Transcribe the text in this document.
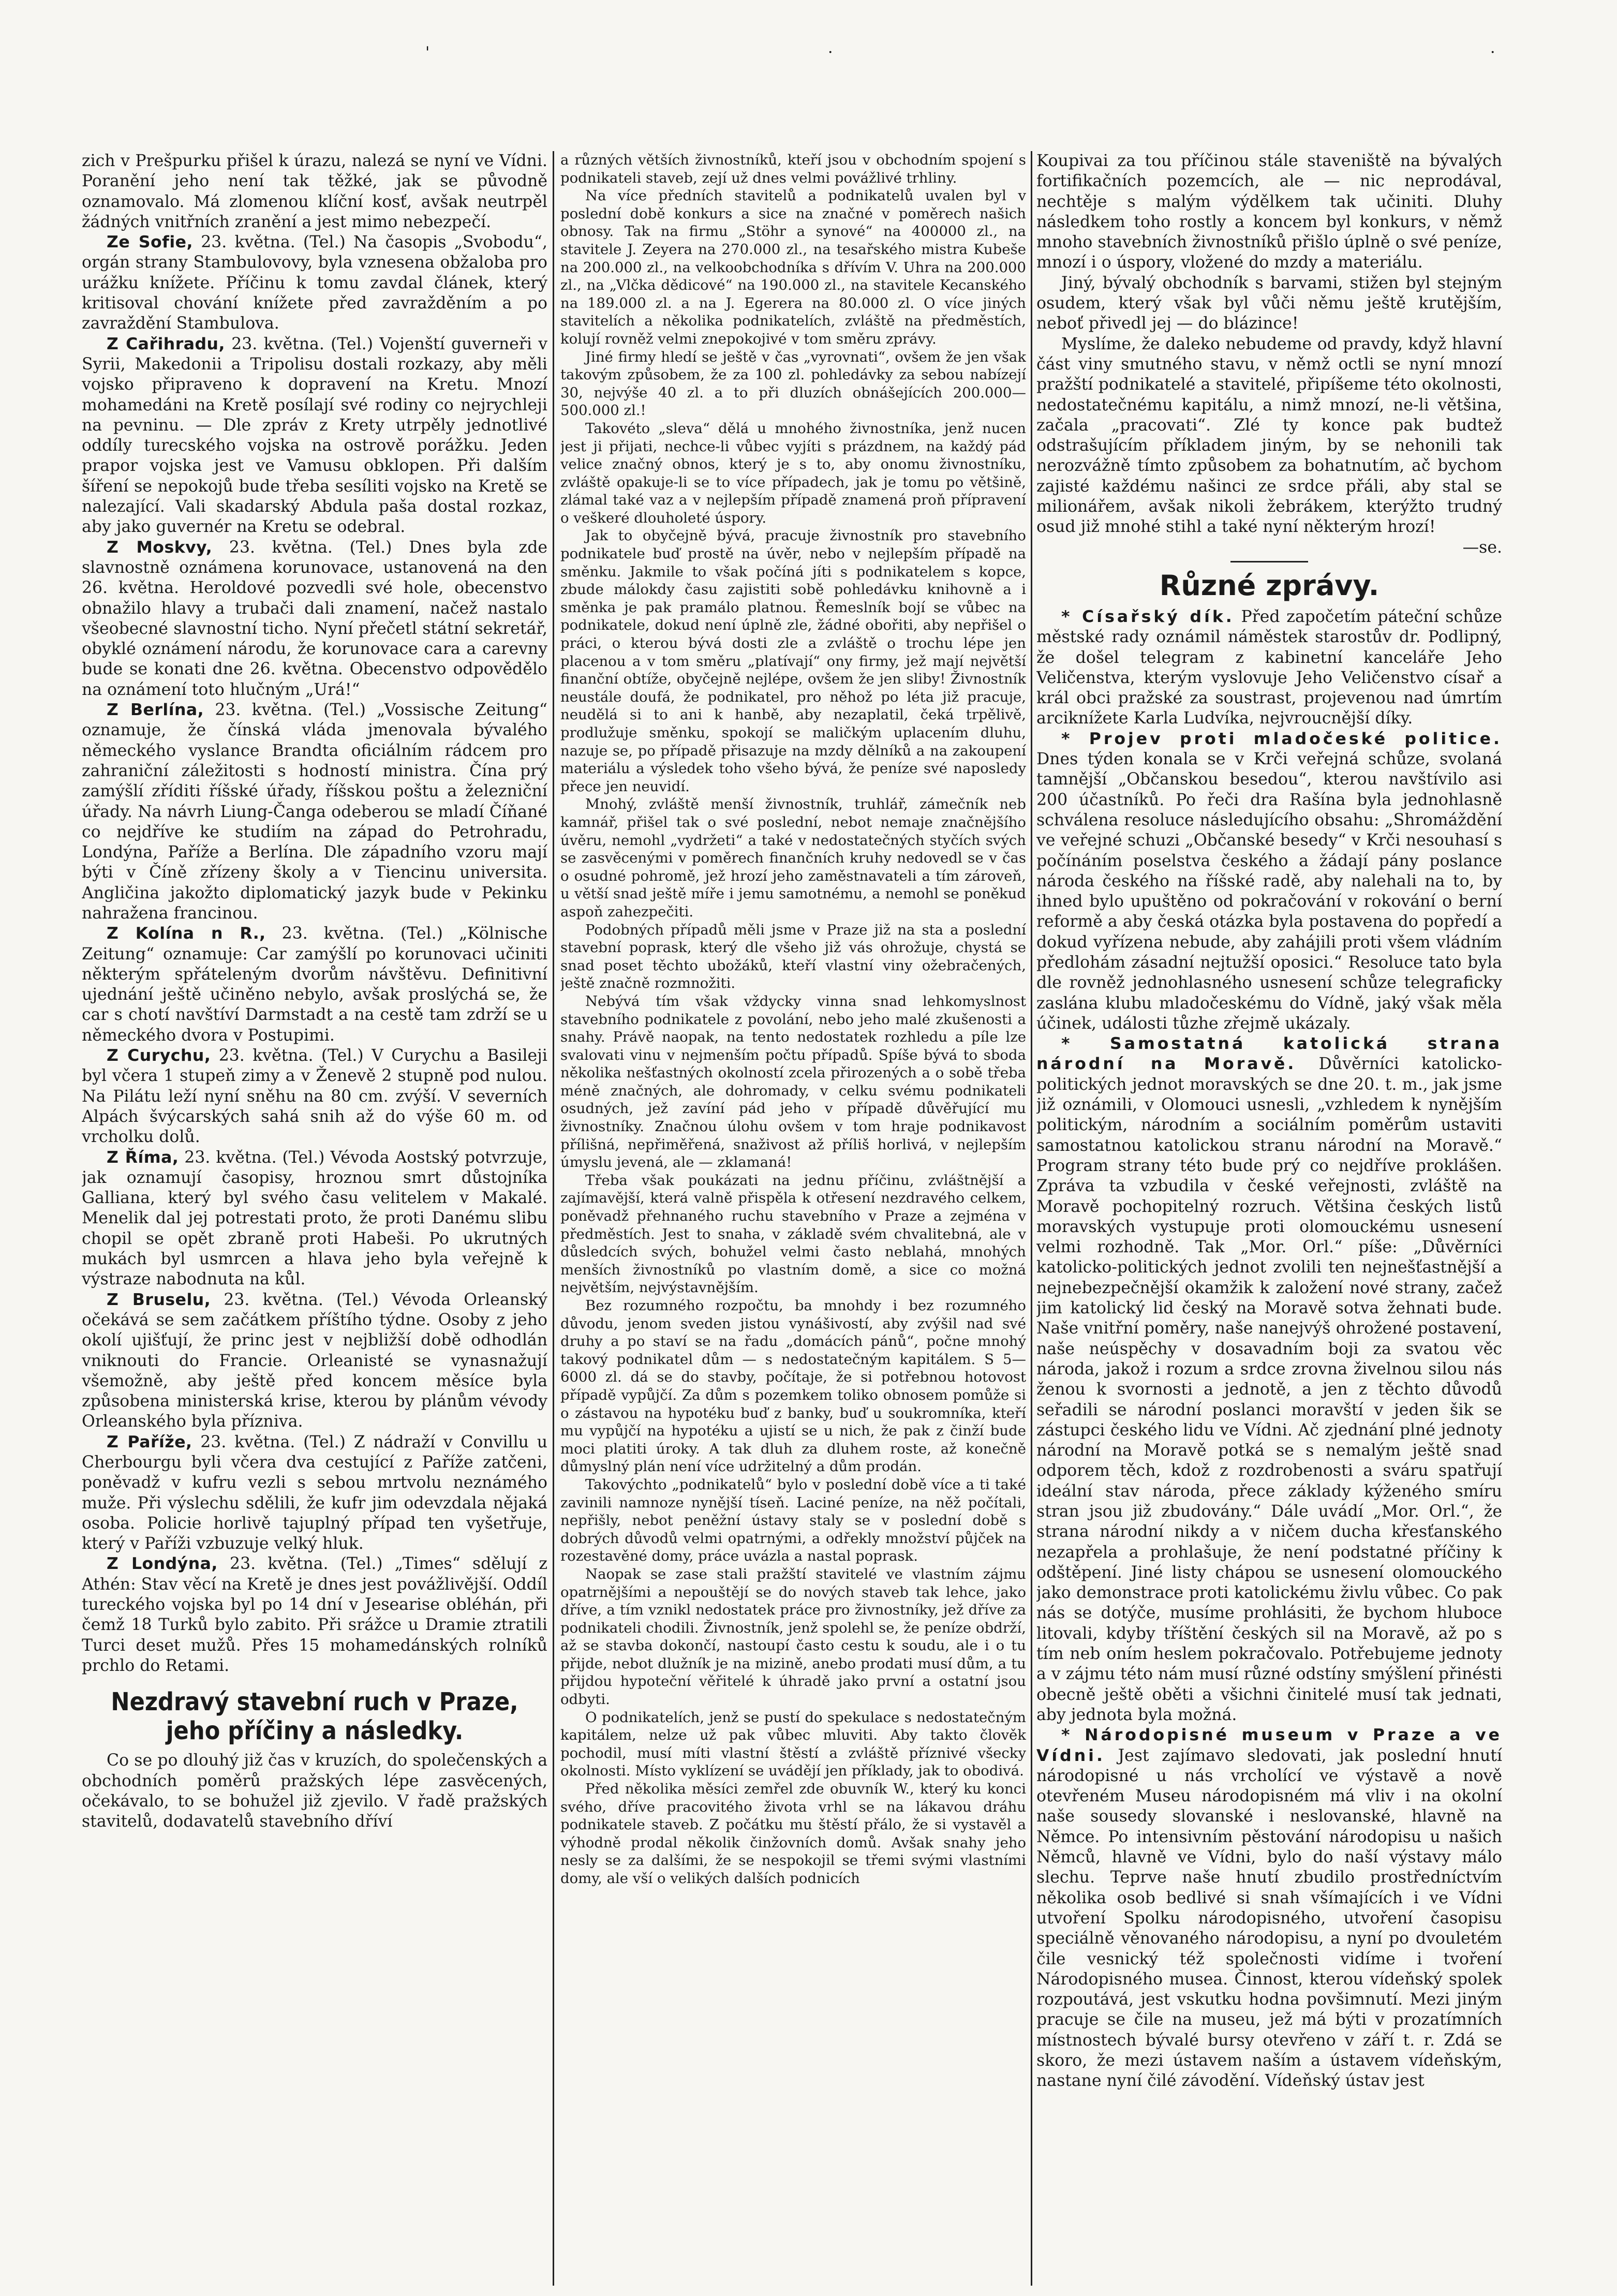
'	·	·

zich v Prešpurku přišel k úrazu, nalezá se nyní ve Vídni. Poranění jeho není tak těžké, jak se původně oznamovalo. Má zlomenou klíční kosť, avšak neutrpěl žádných vnitřních zranění a jest mimo nebezpečí.

Ze Sofie, 23. května. (Tel.) Na časopis „Svobodu“, orgán strany Stambulovovy, byla vznesena obžaloba pro urážku knížete. Příčinu k tomu zavdal článek, který kritisoval chování knížete před zavražděním a po zavraždění Stambulova.

Z Cařihradu, 23. května. (Tel.) Vojenští guverneři v Syrii, Makedonii a Tripolisu dostali rozkazy, aby měli vojsko připraveno k dopravení na Kretu. Mnozí mohamedáni na Kretě posílají své rodiny co nejrychleji na pevninu. — Dle zpráv z Krety utrpěly jednotlivé oddíly turecského vojska na ostrově porážku. Jeden prapor vojska jest ve Vamusu obklopen. Při dalším šíření se nepokojů bude třeba sesíliti vojsko na Kretě se nalezající. Vali skadarský Abdula paša dostal rozkaz, aby jako guvernér na Kretu se odebral.

Z Moskvy, 23. května. (Tel.) Dnes byla zde slavnostně oznámena korunovace, ustanovená na den 26. května. Heroldové pozvedli své hole, obecenstvo obnažilo hlavy a trubači dali znamení, načež nastalo všeobecné slavnostní ticho. Nyní přečetl státní sekretář, obyklé oznámení národu, že korunovace cara a carevny bude se konati dne 26. května. Obecenstvo odpovědělo na oznámení toto hlučným „Urá!“

Z Berlína, 23. května. (Tel.) „Vossische Zeitung“ oznamuje, že čínská vláda jmenovala bývalého německého vyslance Brandta oficiálním rádcem pro zahraniční záležitosti s hodností ministra. Čína prý zamýšlí zříditi říšské úřady, říšskou poštu a železniční úřady. Na návrh Liung-Čanga odeberou se mladí Číňané co nejdříve ke studiím na západ do Petrohradu, Londýna, Paříže a Berlína. Dle západního vzoru mají býti v Číně zřízeny školy a v Tiencinu universita. Angličina jakožto diplomatický jazyk bude v Pekinku nahražena francinou.

Z Kolína n R., 23. května. (Tel.) „Kölnische Zeitung“ oznamuje: Car zamýšlí po korunovaci učiniti některým spřáteleným dvorům návštěvu. Definitivní ujednání ještě učiněno nebylo, avšak proslýchá se, že car s chotí navštíví Darmstadt a na cestě tam zdrží se u německého dvora v Postupimi.

Z Curychu, 23. května. (Tel.) V Curychu a Basileji byl včera 1 stupeň zimy a v Ženevě 2 stupně pod nulou. Na Pilátu leží nyní sněhu na 80 cm. zvýší. V severních Alpách švýcarských sahá snih až do výše 60 m. od vrcholku dolů.

Z Říma, 23. května. (Tel.) Vévoda Aostský potvrzuje, jak oznamují časopisy, hroznou smrt důstojníka Galliana, který byl svého času velitelem v Makalé. Menelik dal jej potrestati proto, že proti Danému slibu chopil se opět zbraně proti Habeši. Po ukrutných mukách byl usmrcen a hlava jeho byla veřejně k výstraze nabodnuta na kůl.

Z Bruselu, 23. května. (Tel.) Vévoda Orleanský očekává se sem začátkem příštího týdne. Osoby z jeho okolí ujišťují, že princ jest v nejbližší době odhodlán vniknouti do Francie. Orleanisté se vynasnažují všemožně, aby ještě před koncem měsíce byla způsobena ministerská krise, kterou by plánům vévody Orleanského byla přízniva.

Z Paříže, 23. května. (Tel.) Z nádraží v Convillu u Cherbourgu byli včera dva cestující z Paříže zatčeni, poněvadž v kufru vezli s sebou mrtvolu neznámého muže. Při výslechu sdělili, že kufr jim odevzdala nějaká osoba. Policie horlivě tajuplný případ ten vyšetřuje, který v Paříži vzbuzuje velký hluk.

Z Londýna, 23. května. (Tel.) „Times“ sdělují z Athén: Stav věcí na Kretě je dnes jest povážlivější. Oddíl tureckého vojska byl po 14 dní v Jesearise obléhán, při čemž 18 Turků bylo zabito. Při srážce u Dramie ztratili Turci deset mužů. Přes 15 mohamedánských rolníků prchlo do Retami.

Nezdravý stavební ruch v Praze, jeho příčiny a následky.

Co se po dlouhý již čas v kruzích, do společenských a obchodních poměrů pražských lépe zasvěcených, očekávalo, to se bohužel již zjevilo. V řadě pražských stavitelů, dodavatelů stavebního dříví

a různých větších živnostníků, kteří jsou v obchodním spojení s podnikateli staveb, zejí už dnes velmi povážlivé trhliny.

Na více předních stavitelů a podnikatelů uvalen byl v poslední době konkurs a sice na značné v poměrech našich obnosy. Tak na firmu „Stöhr a synové“ na 400000 zl., na stavitele J. Zeyera na 270.000 zl., na tesařského mistra Kubeše na 200.000 zl., na velkoobchodníka s dřívím V. Uhra na 200.000 zl., na „Vlčka dědicové“ na 190.000 zl., na stavitele Kecanského na 189.000 zl. a na J. Egerera na 80.000 zl. O více jiných stavitelích a několika podnikatelích, zvláště na předměstích, kolují rovněž velmi znepokojivé v tom směru zprávy.

Jiné firmy hledí se ještě v čas „vyrovnati“, ovšem že jen však takovým způsobem, že za 100 zl. pohledávky za sebou nabízejí 30, nejvýše 40 zl. a to při dluzích obnášejících 200.000—500.000 zl.!

Takovéto „sleva“ dělá u mnohého živnostníka, jenž nucen jest ji přijati, nechce-li vůbec vyjíti s prázdnem, na každý pád velice značný obnos, který je s to, aby onomu živnostníku, zvláště opakuje-li se to více případech, jak je tomu po většině, zlámal také vaz a v nejlepším případě znamená proň přípravení o veškeré dlouholeté úspory.

Jak to obyčejně bývá, pracuje živnostník pro stavebního podnikatele buď prostě na úvěr, nebo v nejlepším případě na směnku. Jakmile to však počíná jíti s podnikatelem s kopce, zbude málokdy času zajistiti sobě pohledávku knihovně a i směnka je pak pramálo platnou. Řemeslník bojí se vůbec na podnikatele, dokud není úplně zle, žádné obořiti, aby nepřišel o práci, o kterou bývá dosti zle a zvláště o trochu lépe jen placenou a v tom směru „platívají“ ony firmy, jež mají největší finanční obtíže, obyčejně nejlépe, ovšem že jen sliby! Živnostník neustále doufá, že podnikatel, pro něhož po léta již pracuje, neudělá si to ani k hanbě, aby nezaplatil, čeká trpělivě, prodlužuje směnku, spokojí se maličkým uplacením dluhu, nazuje se, po případě přisazuje na mzdy dělníků a na zakoupení materiálu a výsledek toho všeho bývá, že peníze své naposledy přece jen neuvidí.

Mnohý, zvláště menší živnostník, truhlář, zámečník neb kamnář, přišel tak o své poslední, nebot nemaje značnějšího úvěru, nemohl „vydržeti“ a také v nedostatečných styčích svých se zasvěcenými v poměrech finančních kruhy nedovedl se v čas o osudné pohromě, jež hrozí jeho zaměstnavateli a tím zároveň, u větší snad ještě míře i jemu samotnému, a nemohl se poněkud aspoň zahezpečiti.

Podobných případů měli jsme v Praze již na sta a poslední stavební poprask, který dle všeho již vás ohrožuje, chystá se snad poset těchto ubožáků, kteří vlastní viny ožebračených, ještě značně rozmnožiti.

Nebývá tím však vždycky vinna snad lehkomyslnost stavebního podnikatele z povolání, nebo jeho malé zkušenosti a snahy. Právě naopak, na tento nedostatek rozhledu a píle lze svalovati vinu v nejmenším počtu případů. Spíše bývá to sboda několika nešťastných okolností zcela přirozených a o sobě třeba méně značných, ale dohromady, v celku svému podnikateli osudných, jež zavíní pád jeho v případě důvěřující mu živnostníky. Značnou úlohu ovšem v tom hraje podnikavost přílišná, nepřiměřená, snaživost až příliš horlivá, v nejlepším úmyslu jevená, ale — zklamaná!

Třeba však poukázati na jednu příčinu, zvláštnější a zajímavější, která valně přispěla k otřesení nezdravého celkem, poněvadž přehnaného ruchu stavebního v Praze a zejména v předměstích. Jest to snaha, v základě svém chvalitebná, ale v důsledcích svých, bohužel velmi často neblahá, mnohých menších živnostníků po vlastním domě, a sice co možná největším, nejvýstavnějším.

Bez rozumného rozpočtu, ba mnohdy i bez rozumného důvodu, jenom sveden jistou vynášivostí, aby zvýšil nad své druhy a po staví se na řadu „domácích pánů“, počne mnohý takový podnikatel dům — s nedostatečným kapitálem. S 5—6000 zl. dá se do stavby, počítaje, že si potřebnou hotovost případě vypůjčí. Za dům s pozemkem toliko obnosem pomůže si o zástavou na hypotéku buď z banky, buď u soukromníka, kteří mu vypůjčí na hypotéku a ujistí se u nich, že pak z činží bude moci platiti úroky. A tak dluh za dluhem roste, až konečně důmyslný plán není více udržitelný a dům prodán.

Takovýchto „podnikatelů“ bylo v poslední době více a ti také zavinili namnoze nynější tíseň. Laciné peníze, na něž počítali, nepřišly, nebot peněžní ústavy staly se v poslední době s dobrých důvodů velmi opatrnými, a odřekly množství půjček na rozestavěné domy, práce uvázla a nastal poprask.

Naopak se zase stali pražští stavitelé ve vlastním zájmu opatrnějšími a nepouštějí se do nových staveb tak lehce, jako dříve, a tím vznikl nedostatek práce pro živnostníky, jež dříve za podnikateli chodili. Živnostník, jenž spolehl se, že peníze obdrží, až se stavba dokončí, nastoupí často cestu k soudu, ale i o tu přijde, nebot dlužník je na mizině, anebo prodati musí dům, a tu přijdou hypoteční věřitelé k úhradě jako první a ostatní jsou odbyti.

O podnikatelích, jenž se pustí do spekulace s nedostatečným kapitálem, nelze už pak vůbec mluviti. Aby takto člověk pochodil, musí míti vlastní štěstí a zvláště příznivé všecky okolnosti. Místo vyklízení se uvádějí jen příklady, jak to obodivá.

Před několika měsíci zemřel zde obuvník W., který ku konci svého, dříve pracovitého života vrhl se na lákavou dráhu podnikatele staveb. Z počátku mu štěstí přálo, že si vystavěl a výhodně prodal několik činžovních domů. Avšak snahy jeho nesly se za dalšími, že se nespokojil se třemi svými vlastními domy, ale vší o velikých dalších podnicích

Koupivai za tou příčinou stále staveniště na bývalých fortifikačních pozemcích, ale — nic neprodával, nechtěje s malým výdělkem tak učiniti. Dluhy následkem toho rostly a koncem byl konkurs, v němž mnoho stavebních živnostníků přišlo úplně o své peníze, mnozí i o úspory, vložené do mzdy a materiálu.

Jiný, bývalý obchodník s barvami, stižen byl stejným osudem, který však byl vůči němu ještě krutějším, neboť přivedl jej — do blázince!

Myslíme, že daleko nebudeme od pravdy, když hlavní část viny smutného stavu, v němž octli se nyní mnozí pražští podnikatelé a stavitelé, připíšeme této okolnosti, nedostatečnému kapitálu, a nimž mnozí, ne-li většina, začala „pracovati“. Zlé ty konce pak budtež odstrašujícím příkladem jiným, by se nehonili tak nerozvážně tímto způsobem za bohatnutím, ač bychom zajisté každému našinci ze srdce přáli, aby stal se milionářem, avšak nikoli žebrákem, kterýžto trudný osud již mnohé stihl a také nyní některým hrozí!

—se.
Různé zprávy.

* Císařský dík. Před započetím páteční schůze městské rady oznámil náměstek starostův dr. Podlipný, že došel telegram z kabinetní kanceláře Jeho Veličenstva, kterým vyslovuje Jeho Veličenstvo císař a král obci pražské za soustrast, projevenou nad úmrtím arciknížete Karla Ludvíka, nejvroucnější díky.

* Projev proti mladočeské politice. Dnes týden konala se v Krči veřejná schůze, svolaná tamnější „Občanskou besedou“, kterou navštívilo asi 200 účastníků. Po řeči dra Rašína byla jednohlasně schválena resoluce následujícího obsahu: „Shromáždění ve veřejné schuzi „Občanské besedy“ v Krči nesouhasí s počínáním poselstva českého a žádají pány poslance národa českého na říšské radě, aby nalehali na to, by ihned bylo upuštěno od pokračování v rokování o berní reformě a aby česká otázka byla postavena do popředí a dokud vyřízena nebude, aby zahájili proti všem vládním předlohám zásadní nejtužší oposici.“ Resoluce tato byla dle rovněž jednohlasného usnesení schůze telegraficky zaslána klubu mladočeskému do Vídně, jaký však měla účinek, události tůzhe zřejmě ukázaly.

* Samostatná katolická strana národní na Moravě. Důvěrníci katolicko-politických jednot moravských se dne 20. t. m., jak jsme již oznámili, v Olomouci usnesli, „vzhledem k nynějším politickým, národním a sociálním poměrům ustaviti samostatnou katolickou stranu národní na Moravě.“ Program strany této bude prý co nejdříve proklášen. Zpráva ta vzbudila v české veřejnosti, zvláště na Moravě pochopitelný rozruch. Většina českých listů moravských vystupuje proti olomouckému usnesení velmi rozhodně. Tak „Mor. Orl.“ píše: „Důvěrníci katolicko-politických jednot zvolili ten nejnešťastnější a nejnebezpečnější okamžik k založení nové strany, začež jim katolický lid český na Moravě sotva žehnati bude. Naše vnitřní poměry, naše nanejvýš ohrožené postavení, naše neúspěchy v dosavadním boji za svatou věc národa, jakož i rozum a srdce zrovna živelnou silou nás ženou k svornosti a jednotě, a jen z těchto důvodů seřadili se národní poslanci moravští v jeden šik se zástupci českého lidu ve Vídni. Ač zjednání plné jednoty národní na Moravě potká se s nemalým ještě snad odporem těch, kdož z rozdrobenosti a sváru spatřují ideální stav národa, přece základy kýženého smíru stran jsou již zbudovány.“ Dále uvádí „Mor. Orl.“, že strana národní nikdy a v ničem ducha křesťanského nezapřela a prohlašuje, že není podstatné příčiny k odštěpení. Jiné listy chápou se usnesení olomouckého jako demonstrace proti katolickému živlu vůbec. Co pak nás se dotýče, musíme prohlásiti, že bychom hluboce litovali, kdyby tříštění českých sil na Moravě, až po s tím neb oním heslem pokračovalo. Potřebujeme jednoty a v zájmu této nám musí různé odstíny smýšlení přinésti obecně ještě oběti a všichni činitelé musí tak jednati, aby jednota byla možná.

* Národopisné museum v Praze a ve Vídni. Jest zajímavo sledovati, jak poslední hnutí národopisné u nás vrcholící ve výstavě a nově otevřeném Museu národopisném má vliv i na okolní naše sousedy slovanské i neslovanské, hlavně na Němce. Po intensivním pěstování národopisu u našich Němců, hlavně ve Vídni, bylo do naší výstavy málo slechu. Teprve naše hnutí zbudilo prostředníctvím několika osob bedlivé si snah všímajících i ve Vídni utvoření Spolku národopisného, utvoření časopisu speciálně věnovaného národopisu, a nyní po dvouletém čile vesnický též společnosti vidíme i tvoření Národopisného musea. Činnost, kterou vídeňský spolek rozpoutává, jest vskutku hodna povšimnutí. Mezi jiným pracuje se čile na museu, jež má býti v prozatímních místnostech bývalé bursy otevřeno v září t. r. Zdá se skoro, že mezi ústavem naším a ústavem vídeňským, nastane nyní čilé závodění. Vídeňský ústav jest
